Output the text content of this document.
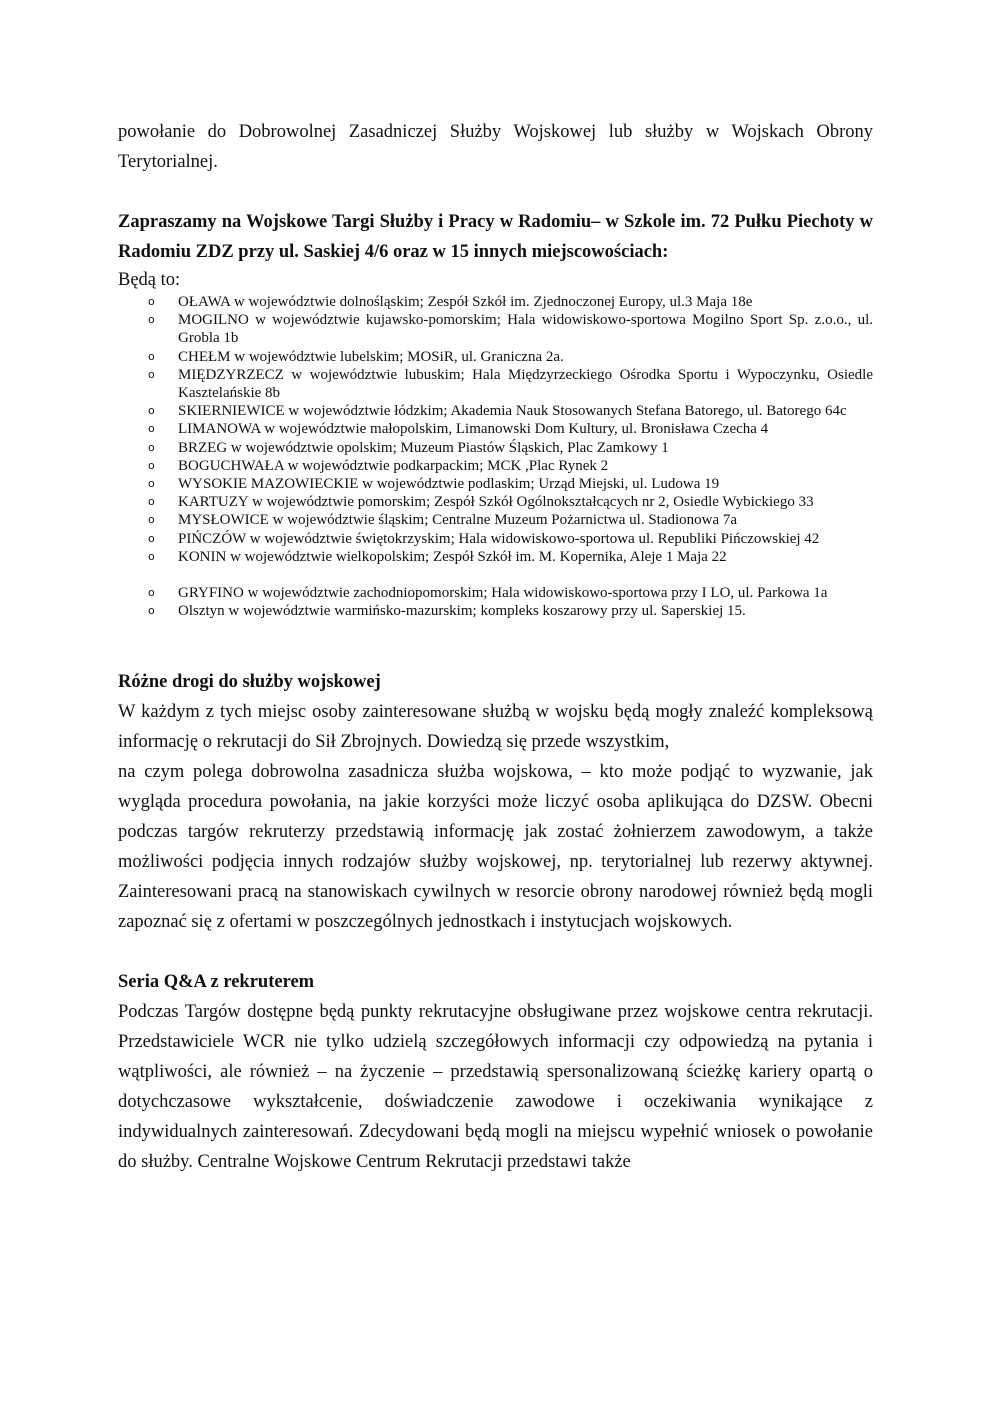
powołanie do Dobrowolnej Zasadniczej Służby Wojskowej lub służby w Wojskach Obrony Terytorialnej.

Zapraszamy na Wojskowe Targi Służby i Pracy w Radomiu– w Szkole im. 72 Pułku Piechoty w Radomiu ZDZ przy ul. Saskiej 4/6 oraz w 15 innych miejscowościach:
Będą to:
o OŁAWA w województwie dolnośląskim; Zespół Szkół im. Zjednoczonej Europy, ul.3 Maja 18e
o MOGILNO w województwie kujawsko-pomorskim; Hala widowiskowo-sportowa Mogilno Sport Sp. z.o.o., ul. Grobla 1b
o CHEŁM w województwie lubelskim; MOSiR, ul. Graniczna 2a.
o MIĘDZYRZECZ w województwie lubuskim; Hala Międzyrzeckiego Ośrodka Sportu i Wypoczynku, Osiedle Kasztelańskie 8b
o SKIERNIEWICE w województwie łódzkim; Akademia Nauk Stosowanych Stefana Batorego, ul. Batorego 64c
o LIMANOWA w województwie małopolskim, Limanowski Dom Kultury, ul. Bronisława Czecha 4
o BRZEG w województwie opolskim; Muzeum Piastów Śląskich, Plac Zamkowy 1
o BOGUCHWAŁA w województwie podkarpackim; MCK ,Plac Rynek 2
o WYSOKIE MAZOWIECKIE w województwie podlaskim; Urząd Miejski, ul. Ludowa 19
o KARTUZY w województwie pomorskim; Zespół Szkół Ogólnokształcących nr 2, Osiedle Wybickiego 33
o MYSŁOWICE w województwie śląskim; Centralne Muzeum Pożarnictwa ul. Stadionowa 7a
o PIŃCZÓW w województwie świętokrzyskim; Hala widowiskowo-sportowa ul. Republiki Pińczowskiej 42
o KONIN w województwie wielkopolskim; Zespół Szkół im. M. Kopernika, Aleje 1 Maja 22
o GRYFINO w województwie zachodniopomorskim; Hala widowiskowo-sportowa przy I LO, ul. Parkowa 1a
o Olsztyn w województwie warmińsko-mazurskim; kompleks koszarowy przy ul. Saperskiej 15.
Różne drogi do służby wojskowej

W każdym z tych miejsc osoby zainteresowane służbą w wojsku będą mogły znaleźć kompleksową informację o rekrutacji do Sił Zbrojnych. Dowiedzą się przede wszystkim,

na czym polega dobrowolna zasadnicza służba wojskowa, – kto może podjąć to wyzwanie, jak wygląda procedura powołania, na jakie korzyści może liczyć osoba aplikująca do DZSW. Obecni podczas targów rekruterzy przedstawią informację jak zostać żołnierzem zawodowym, a także możliwości podjęcia innych rodzajów służby wojskowej, np. terytorialnej lub rezerwy aktywnej. Zainteresowani pracą na stanowiskach cywilnych w resorcie obrony narodowej również będą mogli zapoznać się z ofertami w poszczególnych jednostkach i instytucjach wojskowych.

Seria Q&A z rekruterem

Podczas Targów dostępne będą punkty rekrutacyjne obsługiwane przez wojskowe centra rekrutacji. Przedstawiciele WCR nie tylko udzielą szczegółowych informacji czy odpowiedzą na pytania i wątpliwości, ale również – na życzenie – przedstawią spersonalizowaną ścieżkę kariery opartą o dotychczasowe wykształcenie, doświadczenie zawodowe i oczekiwania wynikające z indywidualnych zainteresowań. Zdecydowani będą mogli na miejscu wypełnić wniosek o powołanie do służby. Centralne Wojskowe Centrum Rekrutacji przedstawi także
